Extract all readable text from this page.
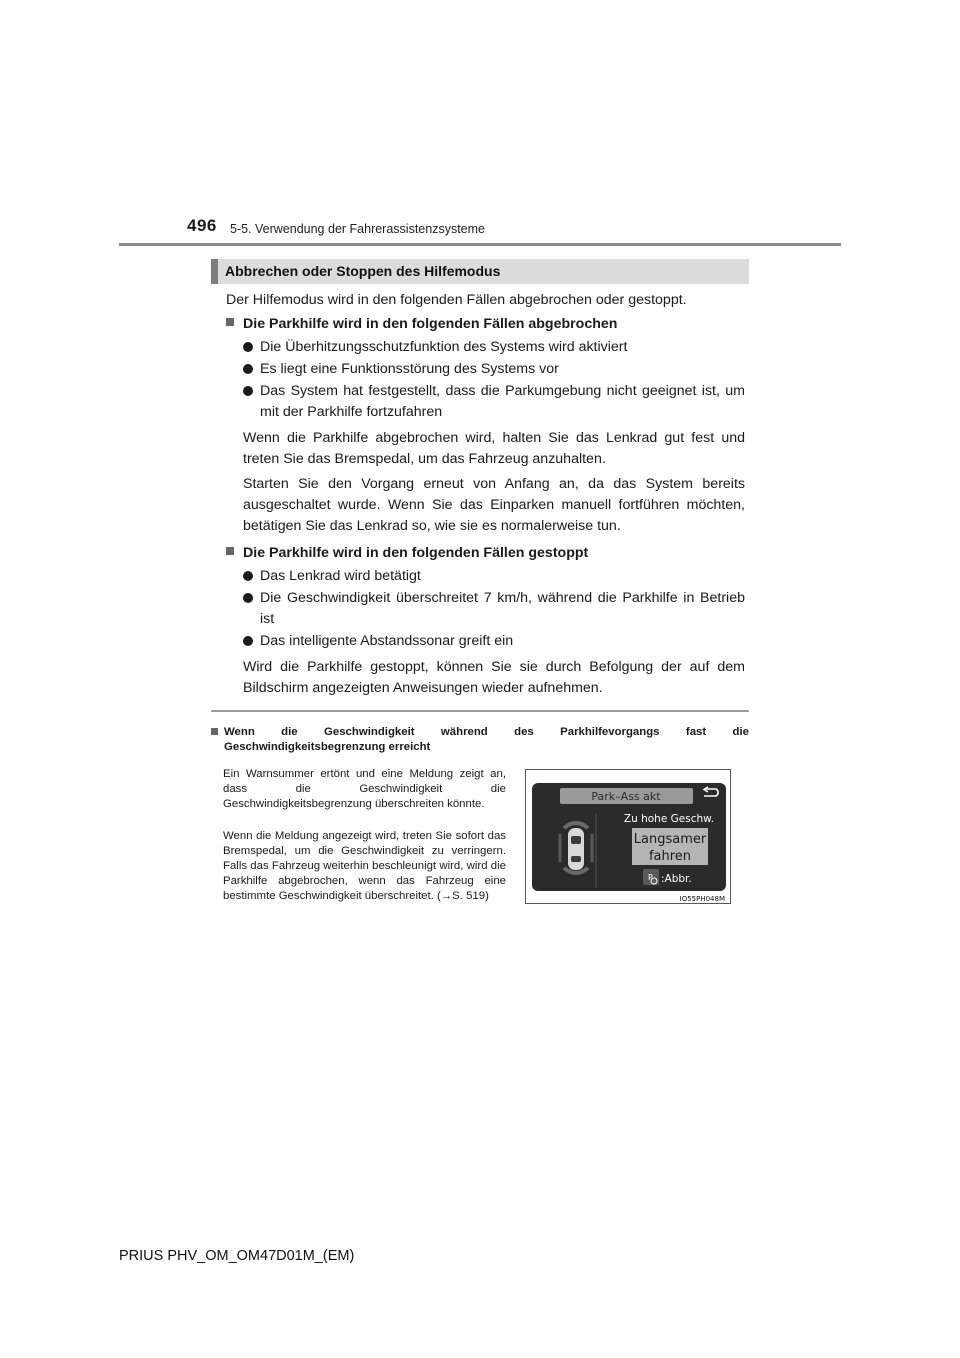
496 5-5. Verwendung der Fahrerassistenzsysteme
Abbrechen oder Stoppen des Hilfemodus
Der Hilfemodus wird in den folgenden Fällen abgebrochen oder gestoppt.
Die Parkhilfe wird in den folgenden Fällen abgebrochen
Die Überhitzungsschutzfunktion des Systems wird aktiviert
Es liegt eine Funktionsstörung des Systems vor
Das System hat festgestellt, dass die Parkumgebung nicht geeignet ist, um mit der Parkhilfe fortzufahren
Wenn die Parkhilfe abgebrochen wird, halten Sie das Lenkrad gut fest und treten Sie das Bremspedal, um das Fahrzeug anzuhalten.
Starten Sie den Vorgang erneut von Anfang an, da das System bereits ausgeschaltet wurde. Wenn Sie das Einparken manuell fortführen möchten, betätigen Sie das Lenkrad so, wie sie es normalerweise tun.
Die Parkhilfe wird in den folgenden Fällen gestoppt
Das Lenkrad wird betätigt
Die Geschwindigkeit überschreitet 7 km/h, während die Parkhilfe in Betrieb ist
Das intelligente Abstandssonar greift ein
Wird die Parkhilfe gestoppt, können Sie sie durch Befolgung der auf dem Bildschirm angezeigten Anweisungen wieder aufnehmen.
Wenn die Geschwindigkeit während des Parkhilfevorgangs fast die Geschwindigkeitsbegrenzung erreicht
Ein Warnsummer ertönt und eine Meldung zeigt an, dass die Geschwindigkeit die Geschwindigkeitsbegrenzung überschreiten könnte.
Wenn die Meldung angezeigt wird, treten Sie sofort das Bremspedal, um die Geschwindigkeit zu verringern. Falls das Fahrzeug weiterhin beschleunigt wird, wird die Parkhilfe abgebrochen, wenn das Fahrzeug eine bestimmte Geschwindigkeit überschreitet. (→S. 519)
Park–Ass akt
Zu hohe Geschw.
Langsamer
fahren
P :Abbr.
IO55PH048M
PRIUS PHV_OM_OM47D01M_(EM)
